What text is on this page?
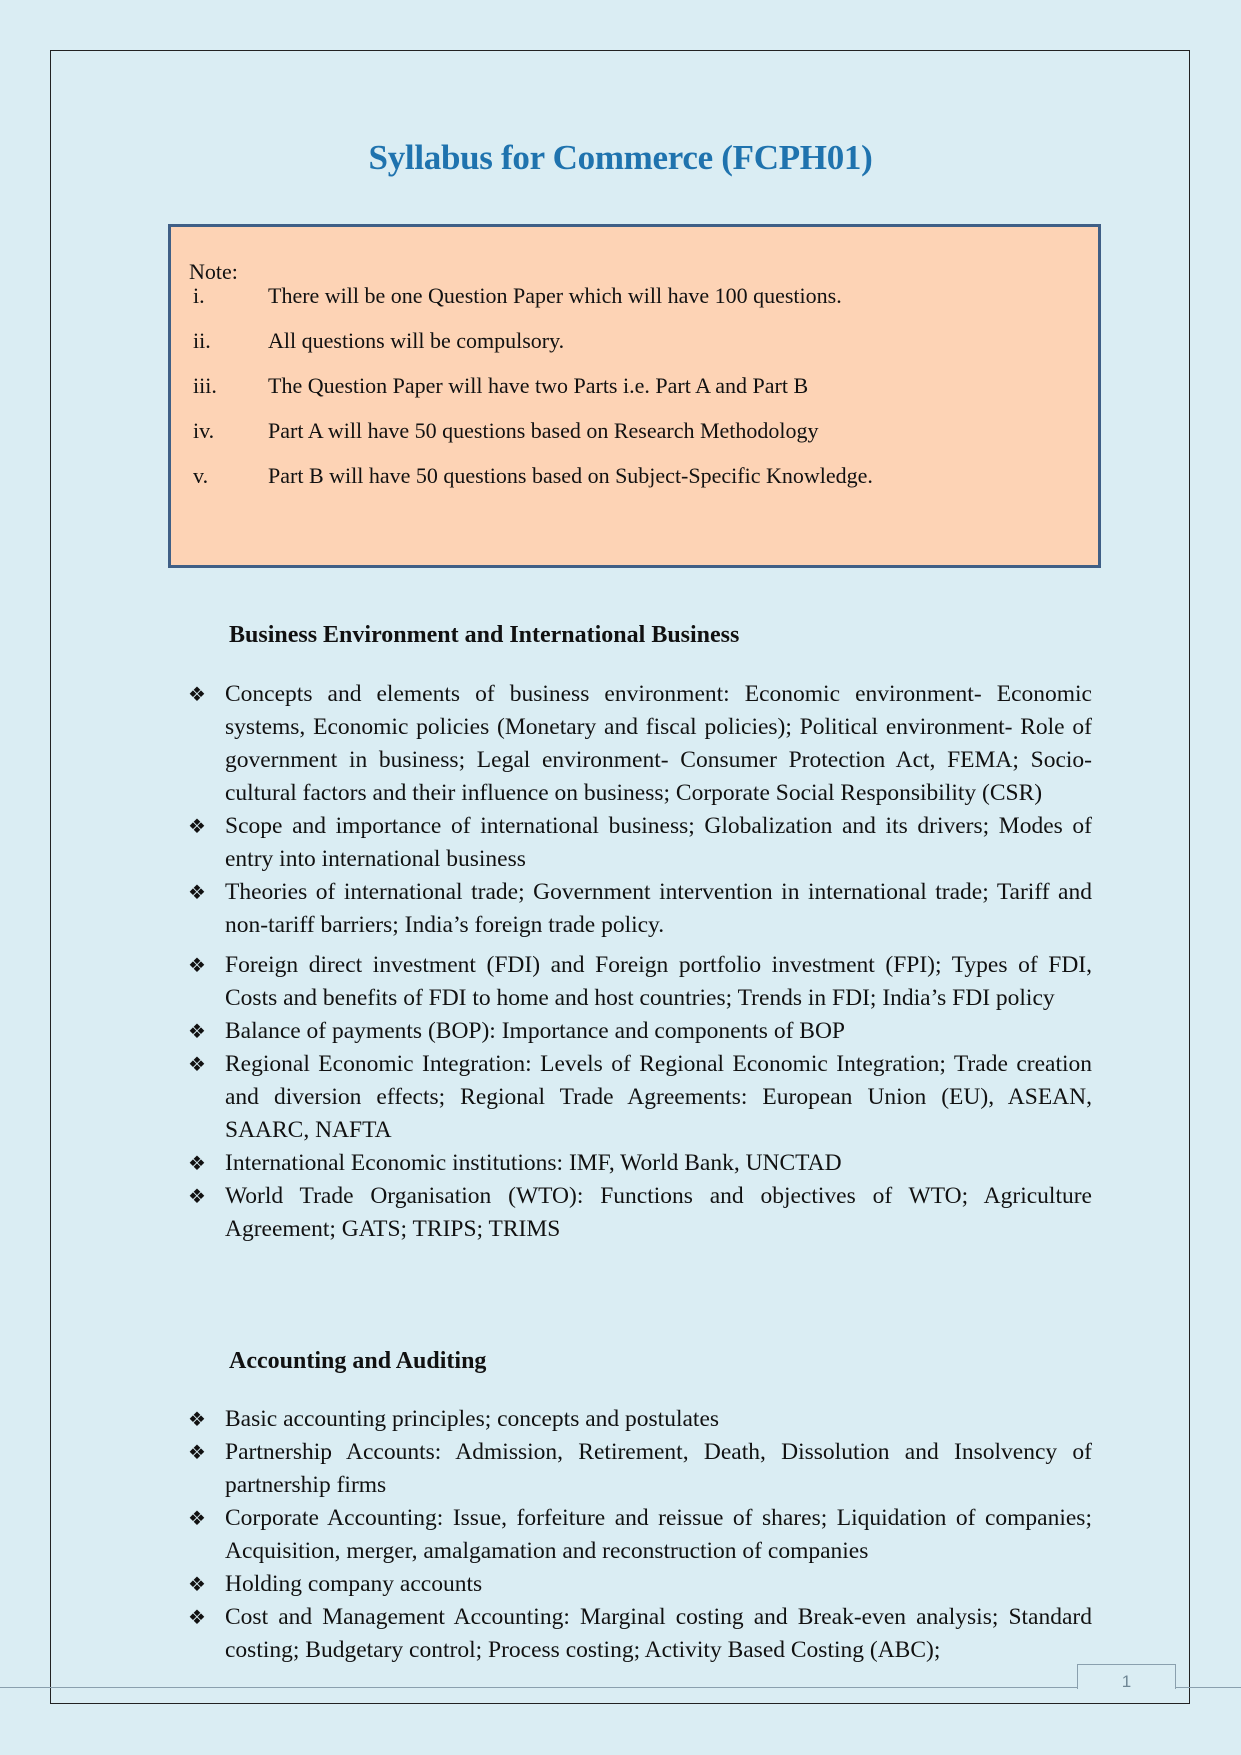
Syllabus for Commerce (FCPH01)
Note:
i.	There will be one Question Paper which will have 100 questions.
ii.	All questions will be compulsory.
iii. The Question Paper will have two Parts i.e. Part A and Part B
iv. Part A will have 50 questions based on Research Methodology
v.	Part B will have 50 questions based on Subject-Specific Knowledge.
Business Environment and International Business
❖ Concepts and elements of business environment: Economic environment- Economic systems, Economic policies (Monetary and fiscal policies); Political environment- Role of government in business; Legal environment- Consumer Protection Act, FEMA; Socio-cultural factors and their influence on business; Corporate Social Responsibility (CSR)
❖ Scope and importance of international business; Globalization and its drivers; Modes of entry into international business
❖ Theories of international trade; Government intervention in international trade; Tariff and non-tariff barriers; India’s foreign trade policy.
❖ Foreign direct investment (FDI) and Foreign portfolio investment (FPI); Types of FDI, Costs and benefits of FDI to home and host countries; Trends in FDI; India’s FDI policy
❖ Balance of payments (BOP): Importance and components of BOP
❖ Regional Economic Integration: Levels of Regional Economic Integration; Trade creation and diversion effects; Regional Trade Agreements: European Union (EU), ASEAN, SAARC, NAFTA
❖ International Economic institutions: IMF, World Bank, UNCTAD
❖ World Trade Organisation (WTO): Functions and objectives of WTO; Agriculture Agreement; GATS; TRIPS; TRIMS
Accounting and Auditing
❖ Basic accounting principles; concepts and postulates
❖ Partnership Accounts: Admission, Retirement, Death, Dissolution and Insolvency of partnership firms
❖ Corporate Accounting: Issue, forfeiture and reissue of shares; Liquidation of companies; Acquisition, merger, amalgamation and reconstruction of companies
❖ Holding company accounts
❖ Cost and Management Accounting: Marginal costing and Break-even analysis; Standard costing; Budgetary control; Process costing; Activity Based Costing (ABC);
1
